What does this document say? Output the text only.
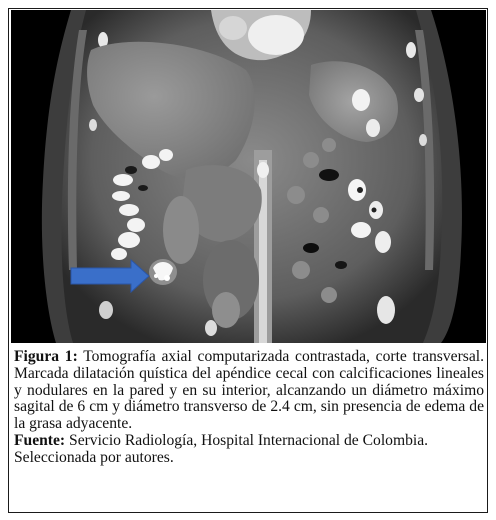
Figura 1: Tomografía axial computarizada contrastada, corte transversal. Marcada dilatación quística del apéndice cecal con calcificaciones lineales y nodulares en la pared y en su interior, alcanzando un diámetro máximo sagital de 6 cm y diámetro transverso de 2.4 cm, sin presencia de edema de la grasa adyacente.

Fuente: Servicio Radiología, Hospital Internacional de Colombia. Seleccionada por autores.
